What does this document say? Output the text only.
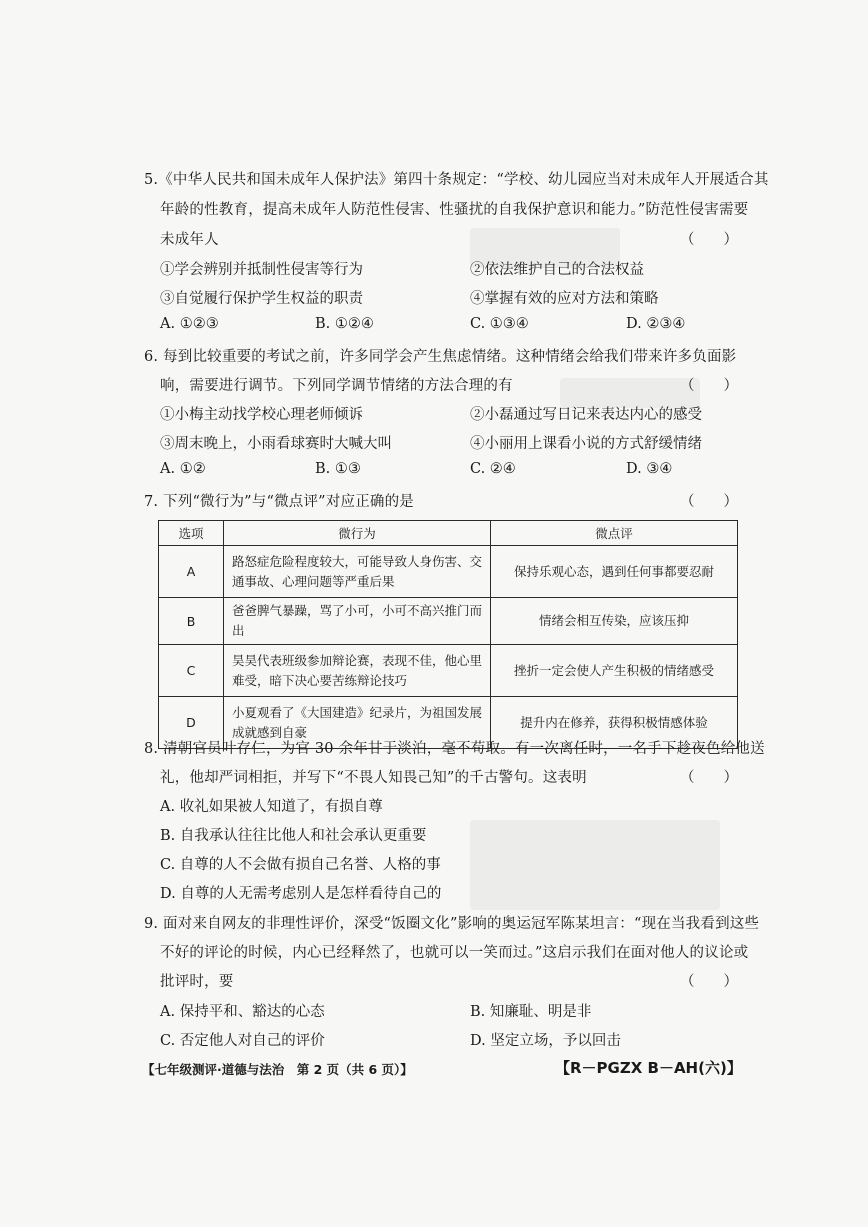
5.《中华人民共和国未成年人保护法》第四十条规定：“学校、幼儿园应当对未成年人开展适合其
年龄的性教育，提高未成年人防范性侵害、性骚扰的自我保护意识和能力。”防范性侵害需要
未成年人	（　　）
①学会辨别并抵制性侵害等行为	②依法维护自己的合法权益
③自觉履行保护学生权益的职责	④掌握有效的应对方法和策略
A. ①②③	B. ①②④	C. ①③④	D. ②③④
6. 每到比较重要的考试之前，许多同学会产生焦虑情绪。这种情绪会给我们带来许多负面影
响，需要进行调节。下列同学调节情绪的方法合理的有	（　　）
①小梅主动找学校心理老师倾诉	②小磊通过写日记来表达内心的感受
③周末晚上，小雨看球赛时大喊大叫	④小丽用上课看小说的方式舒缓情绪
A. ①②	B. ①③	C. ②④	D. ③④
7. 下列“微行为”与“微点评”对应正确的是	（　　）
选项	微行为	微点评
A	路怒症危险程度较大，可能导致人身伤害、交通事故、心理问题等严重后果	保持乐观心态，遇到任何事都要忍耐
B	爸爸脾气暴躁，骂了小可，小可不高兴推门而出	情绪会相互传染，应该压抑
C	昊昊代表班级参加辩论赛，表现不佳，他心里难受，暗下决心要苦练辩论技巧	挫折一定会使人产生积极的情绪感受
D	小夏观看了《大国建造》纪录片，为祖国发展成就感到自豪	提升内在修养，获得积极情感体验
8. 清朝官员叶存仁，为官 30 余年甘于淡泊，毫不苟取。有一次离任时，一名手下趁夜色给他送
礼，他却严词相拒，并写下“不畏人知畏己知”的千古警句。这表明	（　　）
A. 收礼如果被人知道了，有损自尊
B. 自我承认往往比他人和社会承认更重要
C. 自尊的人不会做有损自己名誉、人格的事
D. 自尊的人无需考虑别人是怎样看待自己的
9. 面对来自网友的非理性评价，深受“饭圈文化”影响的奥运冠军陈某坦言：“现在当我看到这些
不好的评论的时候，内心已经释然了，也就可以一笑而过。”这启示我们在面对他人的议论或
批评时，要	（　　）
A. 保持平和、豁达的心态	B. 知廉耻、明是非
C. 否定他人对自己的评价	D. 坚定立场，予以回击
【七年级测评·道德与法治　第 2 页（共 6 页）】	【R－PGZX B－AH(六)】
